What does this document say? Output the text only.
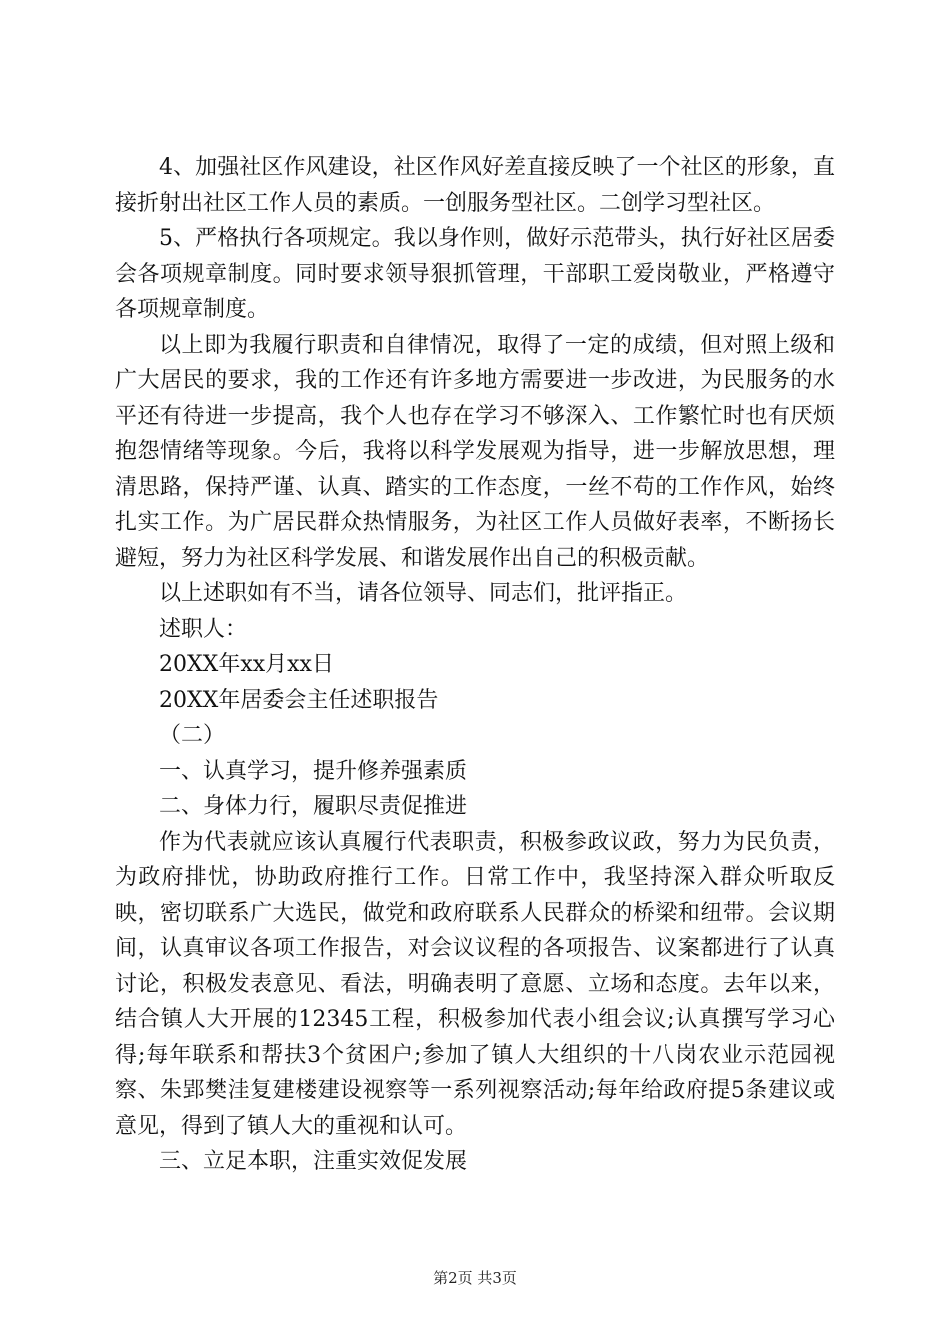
4、加强社区作风建设，社区作风好差直接反映了一个社区的形象，直接折射出社区工作人员的素质。一创服务型社区。二创学习型社区。

5、严格执行各项规定。我以身作则，做好示范带头，执行好社区居委会各项规章制度。同时要求领导狠抓管理，干部职工爱岗敬业，严格遵守各项规章制度。

以上即为我履行职责和自律情况，取得了一定的成绩，但对照上级和广大居民的要求，我的工作还有许多地方需要进一步改进，为民服务的水平还有待进一步提高，我个人也存在学习不够深入、工作繁忙时也有厌烦抱怨情绪等现象。今后，我将以科学发展观为指导，进一步解放思想，理清思路，保持严谨、认真、踏实的工作态度，一丝不苟的工作作风，始终扎实工作。为广居民群众热情服务，为社区工作人员做好表率，不断扬长避短，努力为社区科学发展、和谐发展作出自己的积极贡献。

以上述职如有不当，请各位领导、同志们，批评指正。

述职人：

20XX年xx月xx日

20XX年居委会主任述职报告

（二）

一、认真学习，提升修养强素质

二、身体力行，履职尽责促推进

作为代表就应该认真履行代表职责，积极参政议政，努力为民负责，为政府排忧，协助政府推行工作。日常工作中，我坚持深入群众听取反映，密切联系广大选民，做党和政府联系人民群众的桥梁和纽带。会议期间，认真审议各项工作报告，对会议议程的各项报告、议案都进行了认真讨论，积极发表意见、看法，明确表明了意愿、立场和态度。去年以来，结合镇人大开展的12345工程，积极参加代表小组会议;认真撰写学习心得;每年联系和帮扶3个贫困户;参加了镇人大组织的十八岗农业示范园视察、朱郢樊洼复建楼建设视察等一系列视察活动;每年给政府提5条建议或意见，得到了镇人大的重视和认可。

三、立足本职，注重实效促发展

第2页 共3页
